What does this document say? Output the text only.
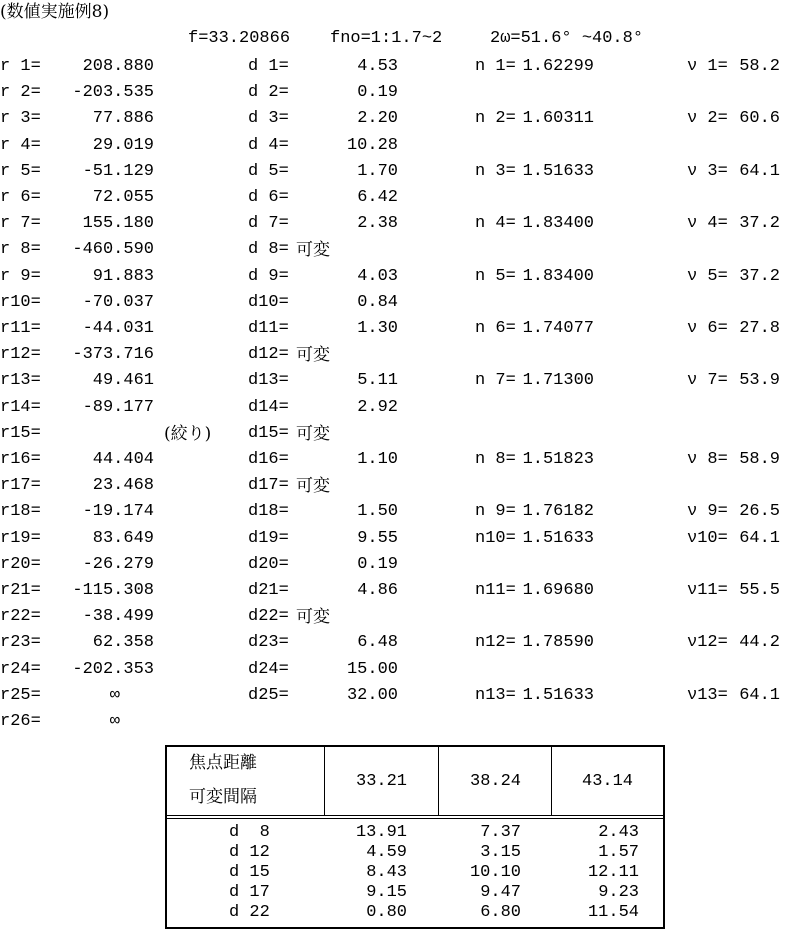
(数値実施例8)
f=33.20866 fno=1:1.7~2	2ω=51.6° ~40.8°
r 1=	208.880	d 1=	4.53	n 1= 1.62299	ν 1= 58.2
r 2=	-203.535	d 2=	0.19
r 3=	77.886	d 3=	2.20	n 2= 1.60311	ν 2= 60.6
r 4=	29.019	d 4=	10.28
r 5=	-51.129	d 5=	1.70	n 3= 1.51633	ν 3= 64.1
r 6=	72.055	d 6=	6.42
r 7=	155.180	d 7=	2.38	n 4= 1.83400	ν 4= 37.2
r 8=	-460.590	d 8= 可変
r 9=	91.883	d 9=	4.03	n 5= 1.83400	ν 5= 37.2
r10=	-70.037	d10=	0.84
r11=	-44.031	d11=	1.30	n 6= 1.74077	ν 6= 27.8
r12=	-373.716	d12= 可変
r13=	49.461	d13=	5.11	n 7= 1.71300	ν 7= 53.9
r14=	-89.177	d14=	2.92
r15=	(絞り) d15= 可変
r16=	44.404	d16=	1.10	n 8= 1.51823	ν 8= 58.9
r17=	23.468	d17= 可変
r18=	-19.174	d18=	1.50	n 9= 1.76182	ν 9= 26.5
r19=	83.649	d19=	9.55	n10= 1.51633	ν10= 64.1
r20=	-26.279	d20=	0.19
r21=	-115.308	d21=	4.86	n11= 1.69680	ν11= 55.5
r22=	-38.499	d22= 可変
r23=	62.358	d23=	6.48	n12= 1.78590	ν12= 44.2
r24=	-202.353	d24=	15.00
r25=	∞	d25=	32.00	n13= 1.51633	ν13= 64.1
r26=	∞
焦点距離
可変間隔
33.21	38.24	43.14
d  8	13.91	7.37	2.43
d 12	4.59	3.15	1.57
d 15	8.43	10.10	12.11
d 17	9.15	9.47	9.23
d 22	0.80	6.80	11.54
